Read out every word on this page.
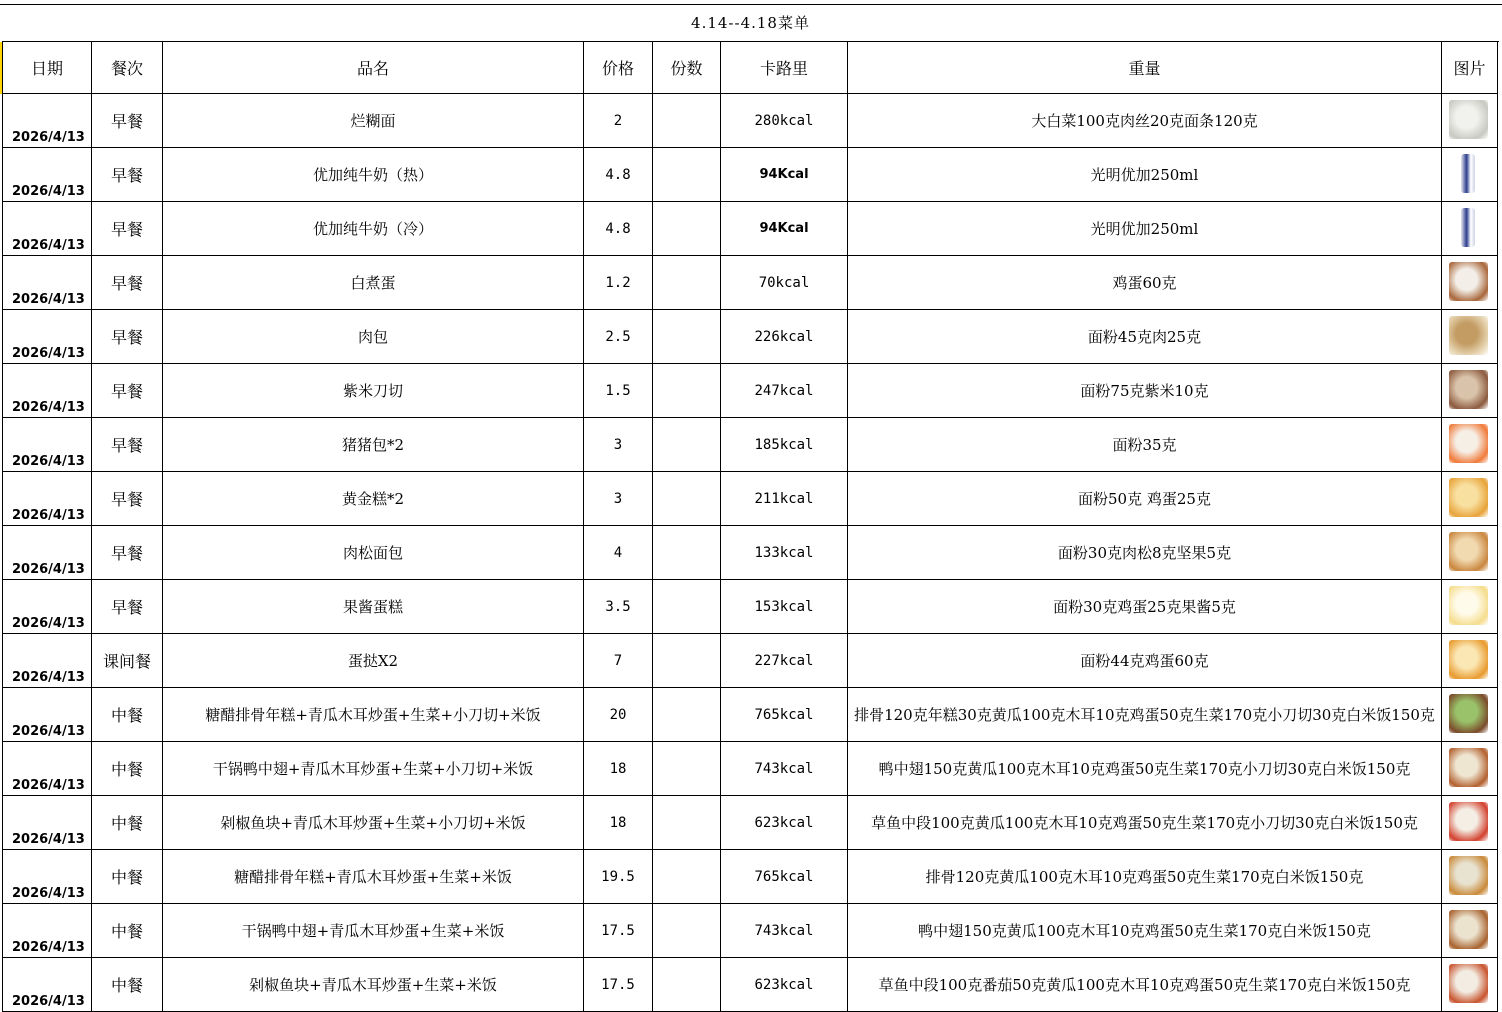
4.14--4.18菜单
日期	餐次	品名	价格	份数	卡路里	重量	图片
2026/4/13	早餐	烂糊面	2		280kcal	大白菜100克肉丝20克面条120克	

2026/4/13	早餐	优加纯牛奶（热）	4.8		94Kcal	光明优加250ml	

2026/4/13	早餐	优加纯牛奶（冷）	4.8		94Kcal	光明优加250ml	

2026/4/13	早餐	白煮蛋	1.2		70kcal	鸡蛋60克	

2026/4/13	早餐	肉包	2.5		226kcal	面粉45克肉25克	

2026/4/13	早餐	紫米刀切	1.5		247kcal	面粉75克紫米10克	

2026/4/13	早餐	猪猪包*2	3		185kcal	面粉35克	

2026/4/13	早餐	黄金糕*2	3		211kcal	面粉50克 鸡蛋25克	

2026/4/13	早餐	肉松面包	4		133kcal	面粉30克肉松8克坚果5克	

2026/4/13	早餐	果酱蛋糕	3.5		153kcal	面粉30克鸡蛋25克果酱5克	

2026/4/13	课间餐	蛋挞X2	7		227kcal	面粉44克鸡蛋60克	

2026/4/13	中餐	糖醋排骨年糕+青瓜木耳炒蛋+生菜+小刀切+米饭	20		765kcal	排骨120克年糕30克黄瓜100克木耳10克鸡蛋50克生菜170克小刀切30克白米饭150克	

2026/4/13	中餐	干锅鸭中翅+青瓜木耳炒蛋+生菜+小刀切+米饭	18		743kcal	鸭中翅150克黄瓜100克木耳10克鸡蛋50克生菜170克小刀切30克白米饭150克	

2026/4/13	中餐	剁椒鱼块+青瓜木耳炒蛋+生菜+小刀切+米饭	18		623kcal	草鱼中段100克黄瓜100克木耳10克鸡蛋50克生菜170克小刀切30克白米饭150克	

2026/4/13	中餐	糖醋排骨年糕+青瓜木耳炒蛋+生菜+米饭	19.5		765kcal	排骨120克黄瓜100克木耳10克鸡蛋50克生菜170克白米饭150克	

2026/4/13	中餐	干锅鸭中翅+青瓜木耳炒蛋+生菜+米饭	17.5		743kcal	鸭中翅150克黄瓜100克木耳10克鸡蛋50克生菜170克白米饭150克	

2026/4/13	中餐	剁椒鱼块+青瓜木耳炒蛋+生菜+米饭	17.5		623kcal	草鱼中段100克番茄50克黄瓜100克木耳10克鸡蛋50克生菜170克白米饭150克	
